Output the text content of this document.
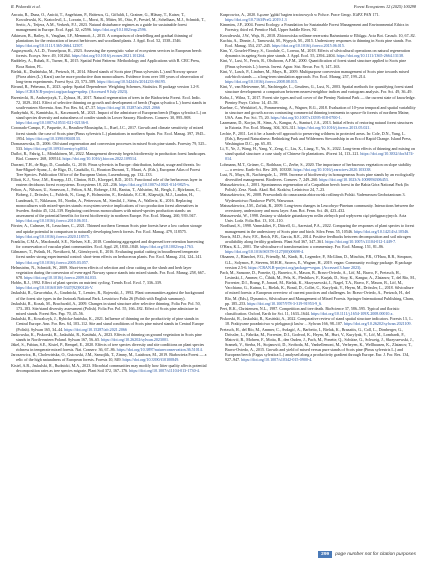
R. Piskorski et al.	Forest Ecosystems 12 (2025) 100298

Ancuta, R., Duna, O., Anicăi, T., Angelstam, P., Brătescu, G., Giffaldi, I., Grainer, G., Hlásny, T., Kaiser, T., Kowalewski, K., Kratochvíl, L., Lorrain, L., Morsi, R., Mitter, M., Otto, P., Prestel, M., Schelhaas, M.J., Schmidt, T., Sertic, A., Teijera, A.M., Verkerk, P.J., 2023. Natural disturbance regimes as a guide for sustainable forest management in Europe. Ecol. Appl. 32, e2596. https://doi.org/10.1002/eap.2596.

Atkinson, B., Bailey, S., Vaughan, I.P., Memmott, J., 2015. A comparison of clearfelling and gradual thinning of plantations for the restoration of insect herbivores and woodland plants. J. Appl. Ecol. 52, 1538–1546. https://doi.org/10.1111/1365-2664.12507.

Augusynczik, A.L.D., Yousefpour, R., 2023. Assessing the synergistic value of ecosystem services in European beech forests. Ecosys. Serv. 49, 101264. https://doi.org/10.1016/j.ecoser.2021.101264.

Baddeley, A., Rubak, E., Turner, R., 2015. Spatial Point Patterns: Methodology and Applications with R. CRC Press, Boca Raton, FL.

Bielak, K., Dudzińska, M., Pretzsch, H., 2014. Mixed stands of Scots pine (Pinus sylvestris L.) and Norway spruce (Picea abies (L.) Karst) can be more productive than monocultures. Evidence from over 100 years of observation of long-term experiments. Forest Syst. 23, 573–589. https://doi.org/10.5424/fs/2014233-06195.

Bivand, R., Pebesma, E., 2023. spdep: Spatial Dependence: Weighting Schemes, Statistics. R package version 1.2-8. https://CRAN.R-project.org/package=spdep. (Accessed 9 July 2023).

Brzeziecki, B., Andrzejczyk, T., Żybura, H., 2017. Natural regeneration of trees in the Białowieża Forest. Ecol. Indic. 72, 1029–1041. Effect of selective thinning on growth and development of beech (Fagus sylvatica L.) forest stands in south-eastern Slovenia. Ann. For. Res. 64, 47–57. https://doi.org/10.15287/afr.2021.2066

Budzyński, K., Kamińska, A., Kaczmarek, M., 2021. Impact of the admixture of European beech (Fagus sylvatica L.) on stand species diversity and naturalness of conifer stands in Lower Saxony. Biodivers. Conserv. 30, 895–908. https://doi.org/10.1007/s10531-021-02136-0.

Coronado-Campo, F., Paquette, A., Beaulieu-Moustapha, L., Ruel, J.C., 2017. Growth and climate sensitivity of mixed forest stands: the case of Scots pine (Pinus sylvestris L.) plantations in northern Spain. For. Ecol. Manag. 397, 1945–1954. https://doi.org/10.3390/f8040133.

Domaszewska, D., 2006. Old stand regeneration and conversion processes in mixed Scots pine stands. Forestry 79, 525–533. https://doi.org/10.1093/forestry/cpl034.

Duflot, R., Fahrig, L., Mönkkönen, M., 2022. Management diversity begets biodiversity in production forest landscapes. Biol. Conserv. 268, 109514. https://doi.org/10.1016/j.biocon.2022.109514.

Durrant, T.H., de Rigo, D., Caudullo, G., 2016. Pinus sylvestris in Europe: distribution, habitat, usage and threats. In: San-Miguel-Ayanz, J., de Rigo, D., Caudullo, G., Houston Durrant, T., Mauri, A. (Eds.), European Atlas of Forest Tree Species. Publication Office of the European Union, Luxembourg, pp. 132–133.

Elliott, K.J., Vose, J.M., Knoepp, J.D., Clinton, B.D., Kloeppel, B.D., 2015. Functional role of the herbaceous layer in eastern deciduous forest ecosystems. Ecosystems 18, 221–236. https://doi.org/10.1007/s10021-014-9825-x.

Felton, A., Nilsson, U., Sonesson, J., Felton, A.M., Roberge, J.M., Ranius, T., Ahlström, M., Bergh, J., Björkman, C., Boberg, J., Drössler, L., Fahlvik, N., Gong, P., Holmström, E., Keskitalo, E.C.H., Klapwijk, M.J., Laudon, H., Lundmark, T., Niklasson, M., Nordin, A., Pettersson, M., Stenlid, J., Sténs, A., Wallertz, K., 2016. Replacing monocultures with mixed-species stands: ecosystem service implications of two production forest alternatives in Sweden. Ambio 45, 124–139. Replacing coniferous monocultures with mixed-species production stands: an assessment of the potential benefits for forest biodiversity in northern Europe. For. Ecol. Manag. 260, 939–947. https://doi.org/10.1016/j.foreco.2010.06.011.

Förster, A., Culmsee, H., Leuschner, C., 2021. Thinned northern German Scots pine forests have a low carbon storage and uptake potential in comparison to naturally developing beech forests. For. Ecol. Manag. 479, 118575. https://doi.org/10.1016/j.foreco.2020.118575.

Franklin, C.M.A., Macdonald, S.E., Nielsen, S.E., 2018. Combining aggregated and dispersed tree retention harvesting for conservation of vascular plant communities. Ecol. Appl. 28, 1830–1840. https://doi.org/10.1002/eap.1763.

Gilmanov, T., Pušnik, H., Nováková, M., Gömöryová, E., 2016. Evaluating partial cutting in broadleaved temperate forest under strong experimental control: short-term effects on herbaceous plants. For. Ecol. Manag. 214, 124–141. https://doi.org/10.1016/j.foreco.2005.03.057.

Helmström, N., Schmidt, W., 2009. Short-term effects of selection and clear cutting on the shrub and herb layer vegetation during the conversion of even-aged Norway spruce stands into mixed stands. For. Ecol. Manag. 258, 667–678. https://doi.org/10.1016/j.foreco.2009.04.033.

Hobbs, R.J., 1992. Effect of plant species on nutrient cycling. Trends Ecol. Evol. 7, 336–339. https://doi.org/10.1016/0169-5347(92)90126-V.

Jaskulski, R., Gawrońska, A., Grudnicki, T., Lemiec, R., Rojewski, J., 1992. Plant communities against the background of the forest site types in the Jeziorak National Park. Lesnictwo Folia 26 (Polish with English summary).

Jaskulski, R., Kozak, M., Bruchwald, A., 2009. Changes in stand structure after selective thinning. Folia For. Pol. 50, 173–183. Site/stand diversity assessment (Polish). Folia For. Pol. 55, 166–182. Effect of Scots pine admixture in mixed stands. Forest Res. Pap. 70, 45–56.

Jaskulski, R., Kowalczyk, J., Rybicka-Jasińska, K., 2021. Influence of thinning on the productivity of pine stands in Central Europe. Ann. For. Res. 64, 103–112. Site and stand conditions of Scots pine mixed stands in Central Europe (Polish). Sylwan 165, 34–44. https://doi.org/10.15287/afr.2021.2066

Jankowska, K., Piskorski, R., Jaskulski, R., Kasiński, A., 2023. Effects of thinning on ground vegetation in Scots pine stands in North-eastern Poland. Sylwan 167, 56–65. https://doi.org/10.26202/sylwan.2023001.

Jäkel, S., Pabian, S.E., Kisiel, P., Rempel, E., 2020. Effects of tree species diversity and site conditions on plant species richness in temperate mixed forests. Nat. Conserv. 36, 67–86. https://doi.org/10.3897/natureconservation.36.51014.

Jaroszewicz, B., Cholewińska, O., Gutowski, J.M., Samojlik, T., Zimny, M., Latałowa, M., 2019. Białowieża Forest — a relic of the high naturalness of European forests. Forests 10, 849. https://doi.org/10.3390/f10100849.

Kisiel, A.B., Jaskulski, R., Rudnicki, M.A., 2023. Microbial communities may modify how litter quality affects potential decomposition rates as tree species migrate. Plant Soil 372, 167–176. https://doi.org/10.1007/s11104-013-1730-4.

Kasprowicz, A., 2020. Łączne 'gąbki' bagien trzcinowych w Polsce. Prace Geogr. IGiPZ PAN 171. https://doi.org/10.7163/PrzG.2019.1.3

Kimmins, J.P., 2004. Forest Ecology: a Foundation for Sustainable Forest Management and Environmental Ethics in Forestry, third ed. Prentice Hall, Upper Saddle River, NJ.

Kowalewski, J.W., Wajs, B., 2018. Zbiorowiska roślinne rezerwatu Bażantarnia w Elblągu. Acta Bot. Cassub. 10, 67–82.

Kuchta, A., Dinnie, J., Tarnowski, M., Wypych, M., 2015. Understorey responses to thinning in Scots pine stands. For. Ecol. Manag. 354, 237–245. https://doi.org/10.1016/j.foreco.2015.06.015.

Kim, Y., Gourlet-Fleury, S., Goodale, C., Loreau, M., 2018. Effects of silvicultural operations on natural regeneration dynamics in ageing Scots pine stands. J. Appl. Ecol. 55, 2394–2404. https://doi.org/10.1111/1365-2664.13138.

Kint, V., Lust, N., Ferris, R., Olsthoorn, A.F.M., 2000. Quantification of forest stand structure applied to Scots pine (Pinus sylvestris L.) forests. Invest. Agrar. Sist. Recur. For. 9, 147–163.

Kint, V., Lasch, P., Lindner, M., Muys, B., 2009. Multipurpose conversion management of Scots pine towards mixed oak-birch stands — a long-term simulation approach. For. Ecol. Manag. 257, 199–214. https://doi.org/10.1016/j.foreco.2008.08.015.

Kint, V., van Meirvenne, M., Nachtergale, L., Geudens, G., Lust, N., 2003. Spatial methods for quantifying forest stand structure development: a comparison between nearest-neighbor indices and variogram analysis. For. Sci. 49, 36–49.

Koba, J., Wilna, T., 2017. Forest site types and soil cover of the Pieniny National Park — the current state of knowledge. Pieniny Przyr. Człow. 14, 45–58.

Kuehne, C., Weiskittel, A., Pommerening, A., Wagner, R.G., 2018. Evaluation of 10-year temporal and spatial variability in structure and growth across contrasting commercial thinning treatments in spruce-fir forests of northern Maine, USA. Ann. For. Sci. 75, 20. https://doi.org/10.1007/s13595-018-0700-1.

Laarmann, D., Korjus, H., Sims, A., Kangur, A., Stanturf, J.A., 2013. Initial effects of restoring natural forest structures in Estonia. For. Ecol. Manag. 304, 303–311. https://doi.org/10.1016/j.foreco.2013.05.021.

Lechte, P., 2011. Let it be: a hands-off approach to preserving wildness in protected areas. In: Cole, D.N., Yung, L. (Eds.), Beyond Naturalness: Rethinking Park and Wilderness Stewardship in an Era of Rapid Change. Island Press, Washington D.C., pp. 65–85.

Li, Y., Ye, J., Wang, H., Yang, Y., Zeng, C., Liu, X., Liang, Y., Yu, S., 2022. Long-term effects of thinning and mixing on stand spatial structure: a case study of Chinese fir plantations. iForest 14, 113–121. https://doi.org/10.3832/ifor3474-014.

Lohmann, M.T., Grüner, C., Rothhaar, C., Zerbe, S., 2020. The importance of herbaceous vegetation on slope stability — a review. Earth-Sci. Rev. 209, 103338. https://doi.org/10.1016/j.earscirev.2020.103338.

Lust, N., Muys, B., Nachtergale, L., 1998. Increase of biodiversity in homogeneous Scots pine stands by an ecologically diversified management. Biodivers. Conserv. 7, 249–260. https://doi.org/10.1023/A:1008894306453.

Matuszkiewicz, J., 2001. Spontaneous regeneration of a Carpathian beech forest in the Babia Góra National Park (In Polish). Zesz. Nauk. Akad. Rol. Kraków, Leśnictwo 24, 7–23.

Matuszkiewicz, W., 2008. Przewodnik do oznaczania zbiorowisk roślinnych Polski. Vademecum Geobotanicum 3. Wydawnictwo Naukowe PWN, Warszawa.

Matuszkiewicz, J.M., Zofiak, R., 2009. Long-term changes in Leucobryo-Pinetum community. Interactions between the overstorey, understorey and moss layer. Ann. Bot. Fenn. Sci. 46, 423–432.

Matuszewski, W., 1998. Zmiany w składzie gatunkowym roślin zielnych pod wpływem cięć pielęgnacyjnych. Acta Univ. Lodz. Folia Bot. 13, 101–110.

Nordlund, S., 1998. Vannskiltet, F., Dittrell, G., Aarestad, P.A., 2022. Comparing the responses of plant species to forest management in the understorey of Scots pine and birch. Silva Fenn. 55, 10546. https://doi.org/10.14214/sf.10546.

Norris, M.D., Aviv, F.E., Reich, P.B., Garcia, R.E., 2014. Positive feedbacks between decomposition and soil nitrogen availability along fertility gradients. Plant Soil 367, 347–361. https://doi.org/10.1007/s11104-012-1449-7.

O'Hara, K.L., 2001. The silviculture of transformation: a commentary. For. Ecol. Manag. 151, 81–86. https://doi.org/10.1016/S0378-1127(00)00698-4.

Oksanen, J., Blanchet, F.G., Friendly, M., Kindt, R., Legendre, P., McGlinn, D., Minchin, P.R., O'Hara, R.B., Simpson, G.L., Solymos, P., Stevens, M.H.H., Szoecs, E., Wagner, H., 2019. vegan: Community ecology package. R package version 2.5-6. https://CRAN.R-project.org/package=vegan. (Accessed 3 June 2023).

Pach, M., Sansone, D., Ponette, Q., Barreiro, S., Mason, B., Bravo-Oviedo, A., Löf, M., Bravo, F., Pretzsch, H., Lesinski, J., Ammer, C., Čihák, M., Pelz, K., Pleshikov, F., Kurjak, D., Stoy, K., Kangur, A., Zlatanov, T., del Río, M., Forrester, D.I., Brang, P., Jonard, M., Bielak, K., Skrzyszewski, J., Nagel, T.A., Bravo, F., Mason, B., Löf, M., Vacchiano, G., Kutnar, L., Bielak, K., Bonal, D., Collet, C., Kurylyak, V., Heym, M., Drössler, L., 2018. Silviculture of mixed forests: a European overview of current practices and challenges. In: Bravo-Oviedo, A., Pretzsch, H., del Río, M. (Eds.), Dynamics, Silviculture and Management of Mixed Forests. Springer International Publishing, Cham, pp. 185–253. https://doi.org/10.1007/978-3-319-91953-9_6.

Peet, R.K., Christensen, N.L., 1987. Competition and tree death. BioScience 37, 586–595. Typical and floristic classification. Oxford, Earth for Sci. 11, 1633–1644. https://doi.org/10.1111/j.1654-109X.2008.00010.x.

Piskorski, R., Jaskulski, R., Kasiński, A., 2022. Comparative review of stand spatial structure indicators. Forests 13, 1–18. Praktyczne poradnictwo w pielęgnacji lasów ... Sylwan 166, 98–107. https://doi.org/10.26202/sylwan.2021109.

Pretzsch, H., del Río, M., Ammer, C., Avdagić, A., Barbeito, I., Bielak, K., Brazaitis, G., Coll, L., Dirnberger, G., Drössler, L., Fabrika, M., Forrester, D.I., Godvod, K., Heym, M., Hurt, V., Kurylyak, V., Löf, M., Lombardi, F., Matović, B., Mohren, F., Motta, R., den Ouden, J., Pach, M., Ponette, Q., Schütze, G., Schweig, J., Skrzyszewski, J., Sramek, V., Sterba, H., Stojanović, D., Svoboda, M., Vanhellemont, M., Verheyen, K., Wellhausen, K., Zlatanov, T., Bravo-Oviedo, A., 2015. Growth and yield of mixed versus pure stands of Scots pine (Pinus sylvestris L.) and European beech (Fagus sylvatica L.) analysed along a productivity gradient through Europe. Eur. J. For. Res. 134, 927–947. https://doi.org/10.1007/s10342-015-0900-4.

299	page number not for citation purposes
